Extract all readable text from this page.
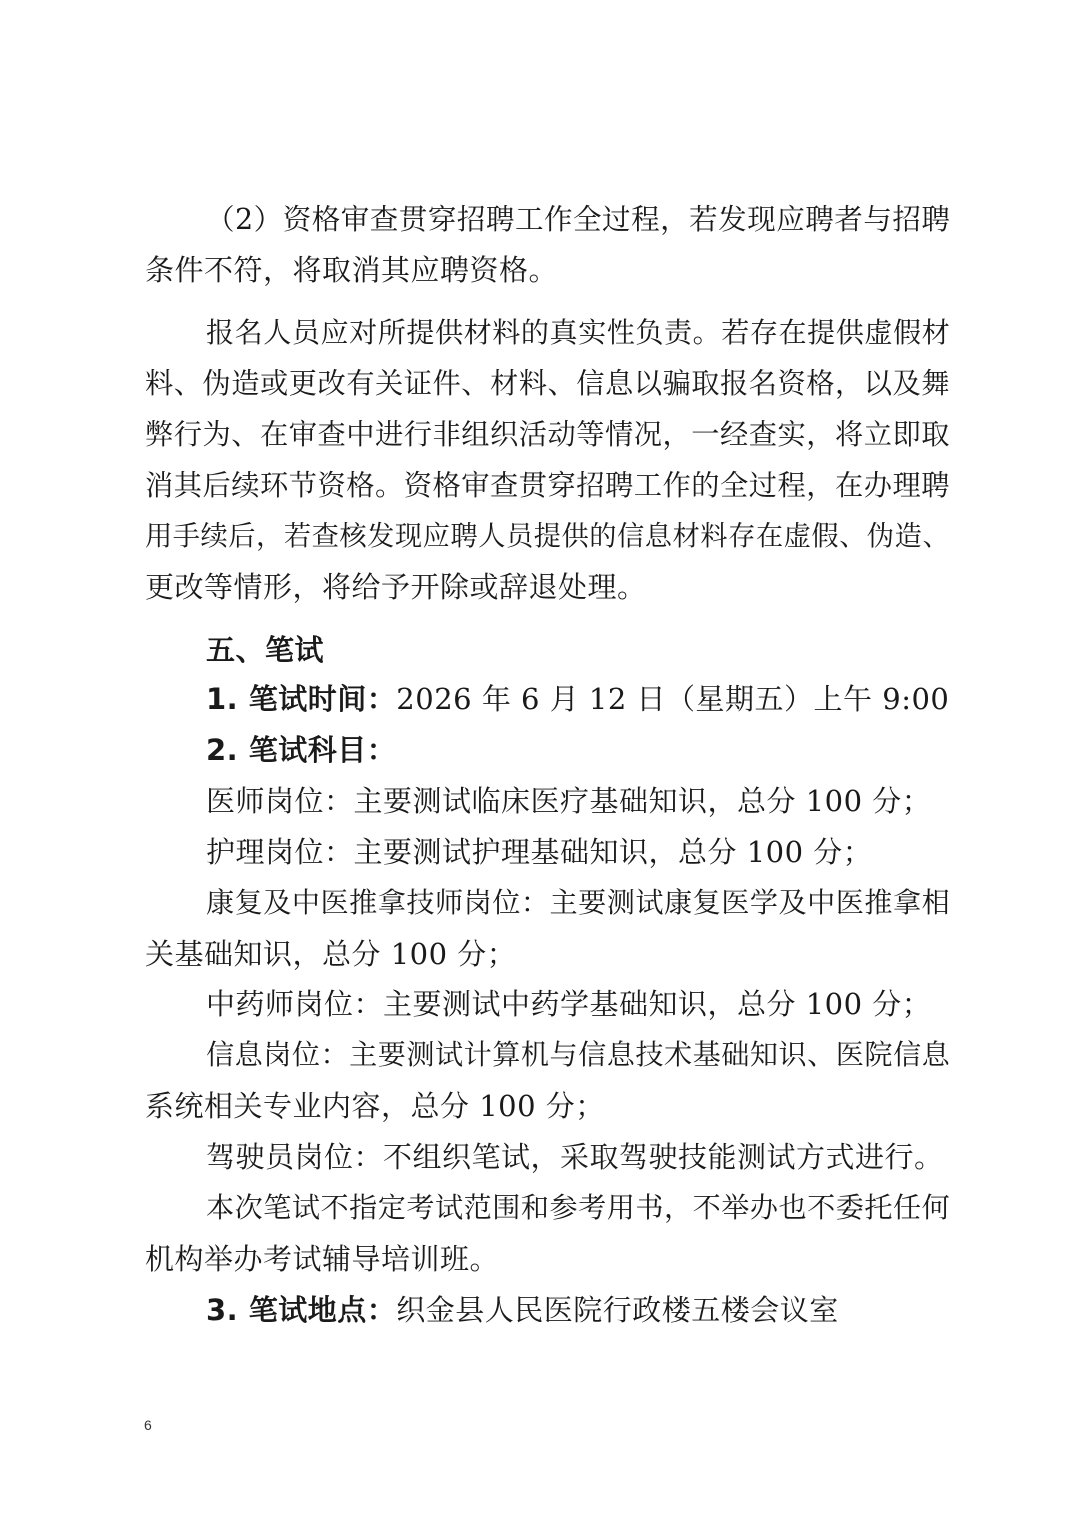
（2）资格审查贯穿招聘工作全过程，若发现应聘者与招聘
条件不符，将取消其应聘资格。
报名人员应对所提供材料的真实性负责。若存在提供虚假材
料、伪造或更改有关证件、材料、信息以骗取报名资格，以及舞
弊行为、在审查中进行非组织活动等情况，一经查实，将立即取
消其后续环节资格。资格审查贯穿招聘工作的全过程，在办理聘
用手续后，若查核发现应聘人员提供的信息材料存在虚假、伪造、
更改等情形，将给予开除或辞退处理。
五、笔试
1. 笔试时间：2026 年 6 月 12 日（星期五）上午 9:00
2. 笔试科目：
医师岗位：主要测试临床医疗基础知识，总分 100 分；
护理岗位：主要测试护理基础知识，总分 100 分；
康复及中医推拿技师岗位：主要测试康复医学及中医推拿相
关基础知识，总分 100 分；
中药师岗位：主要测试中药学基础知识，总分 100 分；
信息岗位：主要测试计算机与信息技术基础知识、医院信息
系统相关专业内容，总分 100 分；
驾驶员岗位：不组织笔试，采取驾驶技能测试方式进行。
本次笔试不指定考试范围和参考用书，不举办也不委托任何
机构举办考试辅导培训班。
3. 笔试地点：织金县人民医院行政楼五楼会议室
6
